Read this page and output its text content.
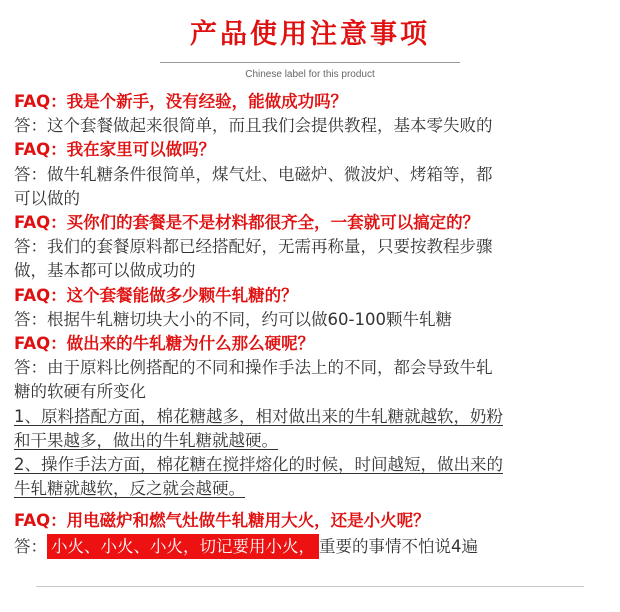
产品使用注意事项
Chinese label for this product
FAQ：我是个新手，没有经验，能做成功吗？
答：这个套餐做起来很简单，而且我们会提供教程，基本零失败的
FAQ：我在家里可以做吗？
答：做牛轧糖条件很简单，煤气灶、电磁炉、微波炉、烤箱等，都
可以做的
FAQ：买你们的套餐是不是材料都很齐全，一套就可以搞定的？
答：我们的套餐原料都已经搭配好，无需再称量，只要按教程步骤
做，基本都可以做成功的
FAQ：这个套餐能做多少颗牛轧糖的？
答：根据牛轧糖切块大小的不同，约可以做60-100颗牛轧糖
FAQ：做出来的牛轧糖为什么那么硬呢？
答：由于原料比例搭配的不同和操作手法上的不同，都会导致牛轧
糖的软硬有所变化
1、原料搭配方面，棉花糖越多，相对做出来的牛轧糖就越软，奶粉
和干果越多，做出的牛轧糖就越硬。
2、操作手法方面，棉花糖在搅拌熔化的时候，时间越短，做出来的
牛轧糖就越软，反之就会越硬。
FAQ：用电磁炉和燃气灶做牛轧糖用大火，还是小火呢？
答： 小火、小火、小火，切记要用小火， 重要的事情不怕说4遍
